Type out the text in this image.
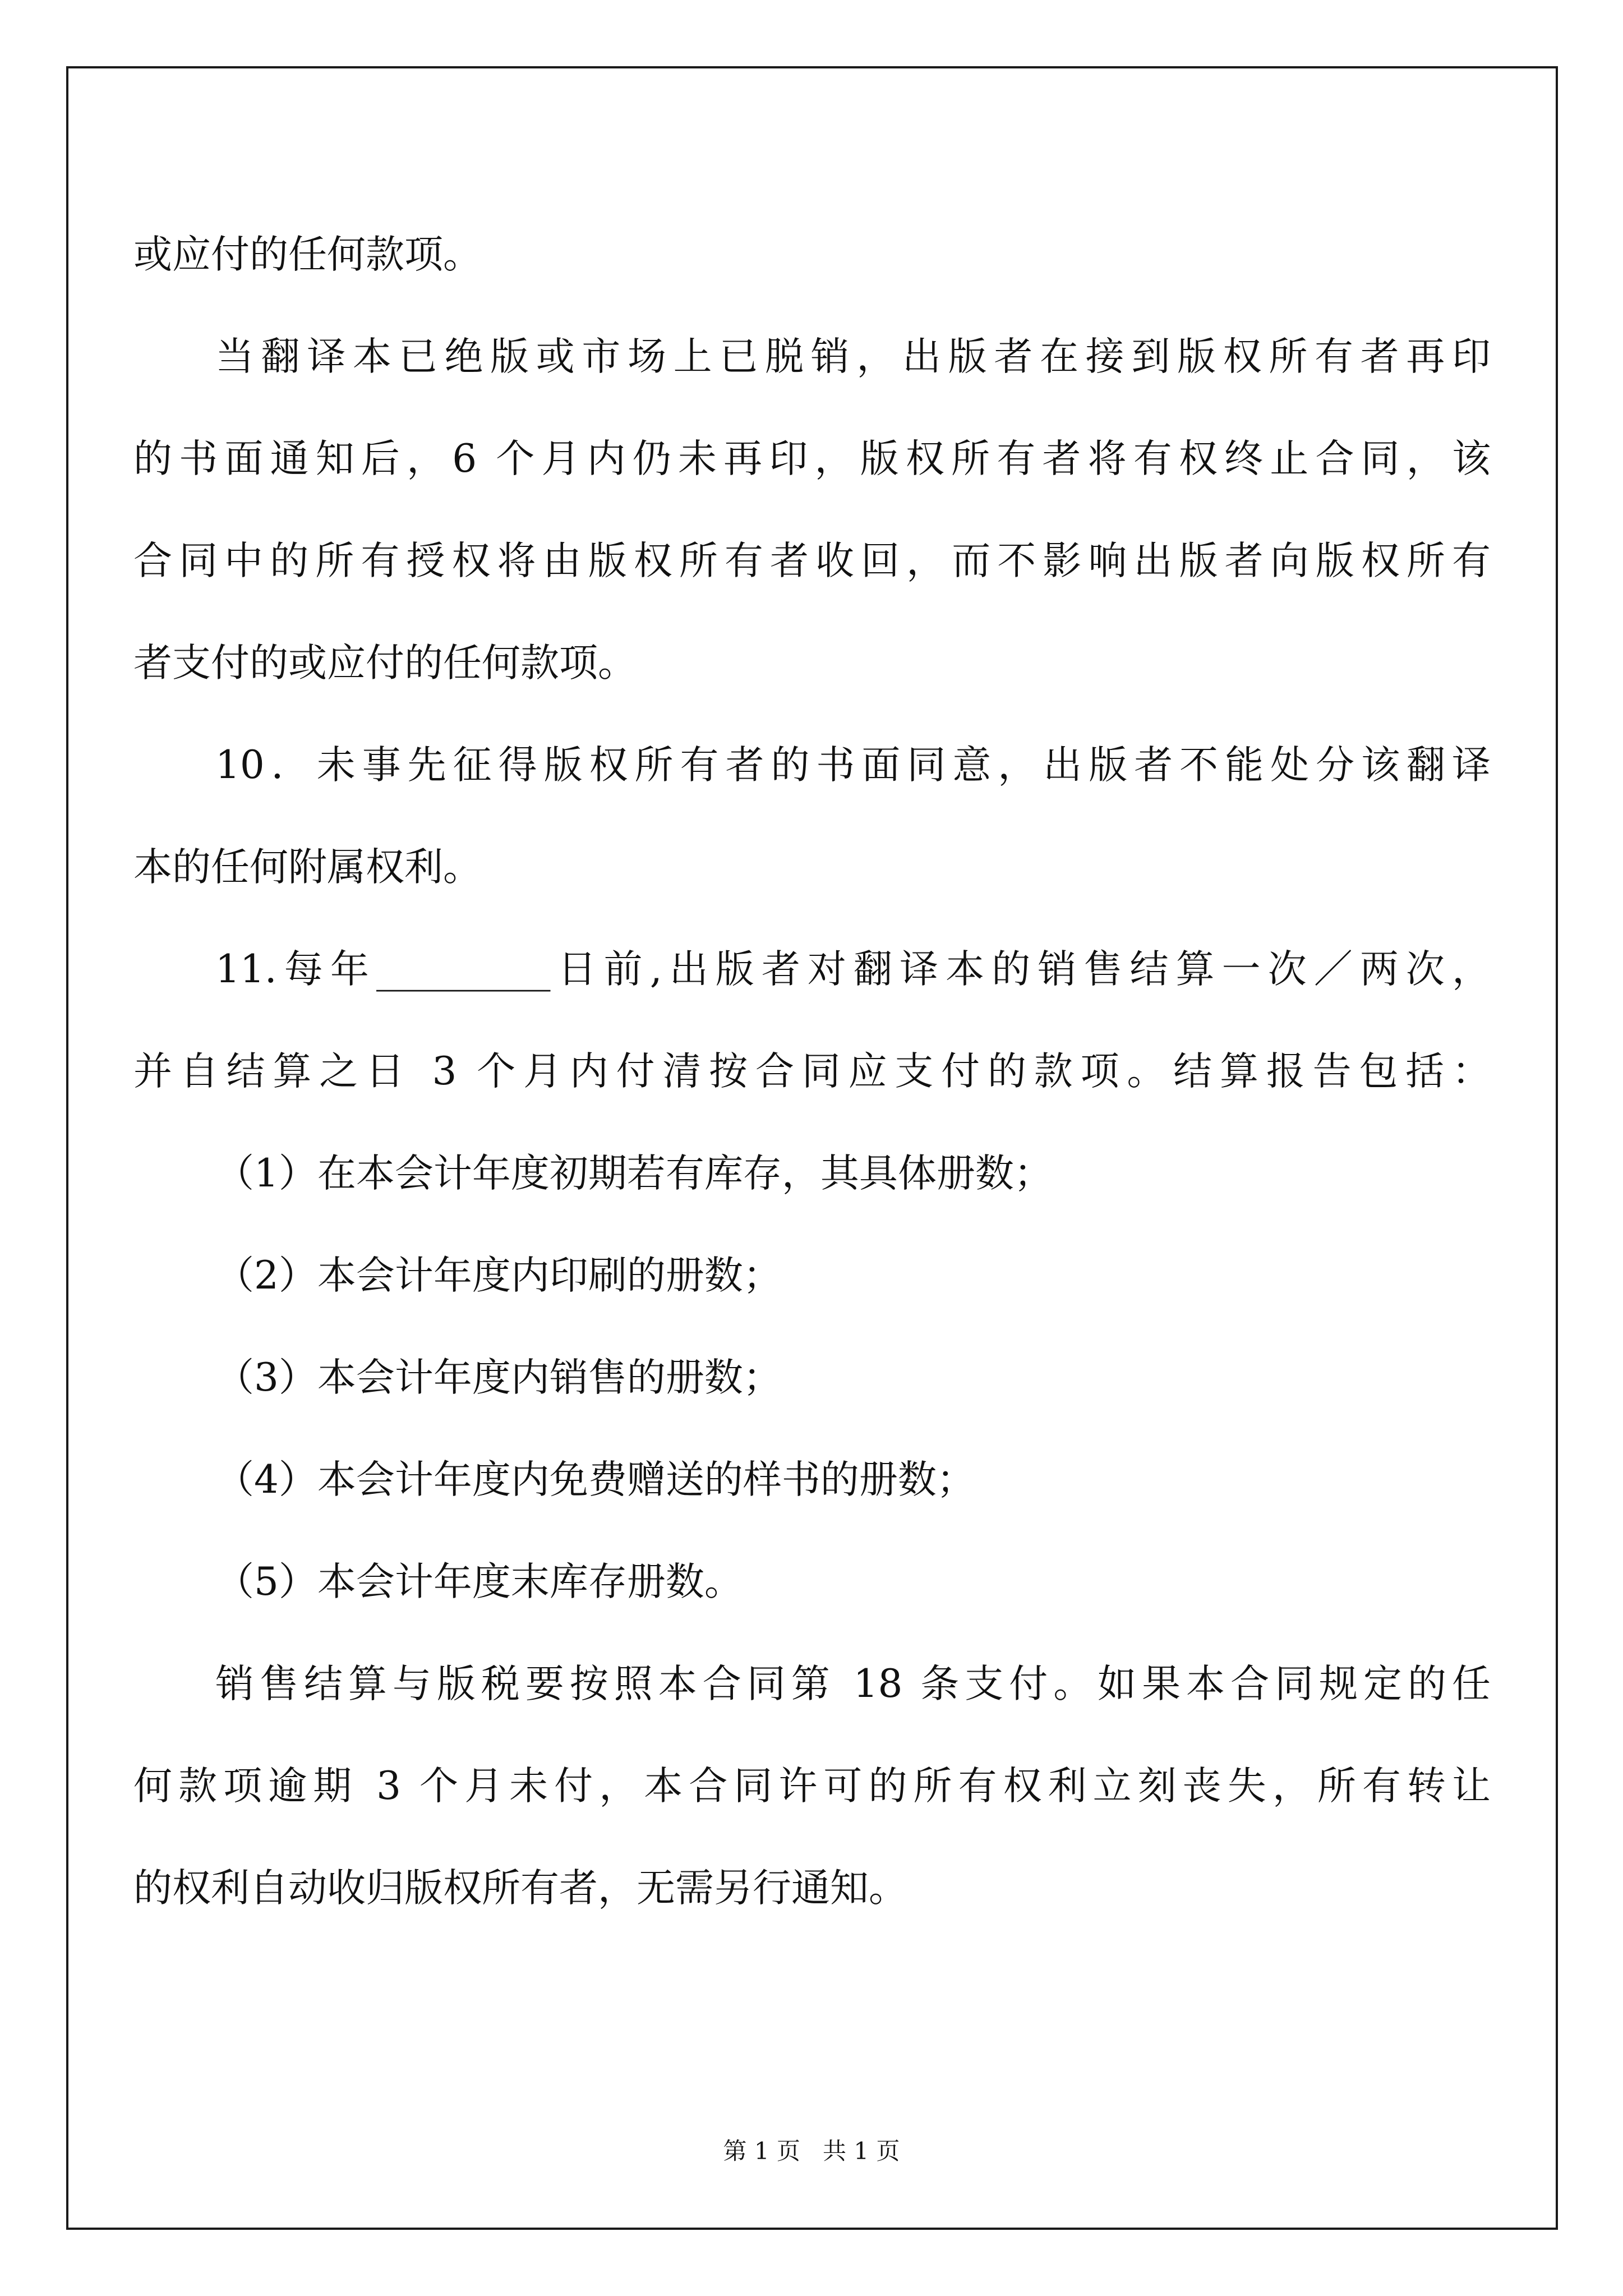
或应付的任何款项。
当翻译本已绝版或市场上已脱销，出版者在接到版权所有者再印
的书面通知后，6 个月内仍未再印，版权所有者将有权终止合同，该
合同中的所有授权将由版权所有者收回，而不影响出版者向版权所有
者支付的或应付的任何款项。
10．未事先征得版权所有者的书面同意，出版者不能处分该翻译
本的任何附属权利。
11.每年_________日前,出版者对翻译本的销售结算一次／两次，
并自结算之日 3 个月内付清按合同应支付的款项。结算报告包括：
（1）在本会计年度初期若有库存，其具体册数；
（2）本会计年度内印刷的册数；
（3）本会计年度内销售的册数；
（4）本会计年度内免费赠送的样书的册数；
（5）本会计年度末库存册数。
销售结算与版税要按照本合同第 18 条支付。如果本合同规定的任
何款项逾期 3 个月未付，本合同许可的所有权利立刻丧失，所有转让
的权利自动收归版权所有者，无需另行通知。
第 1 页   共 1 页
